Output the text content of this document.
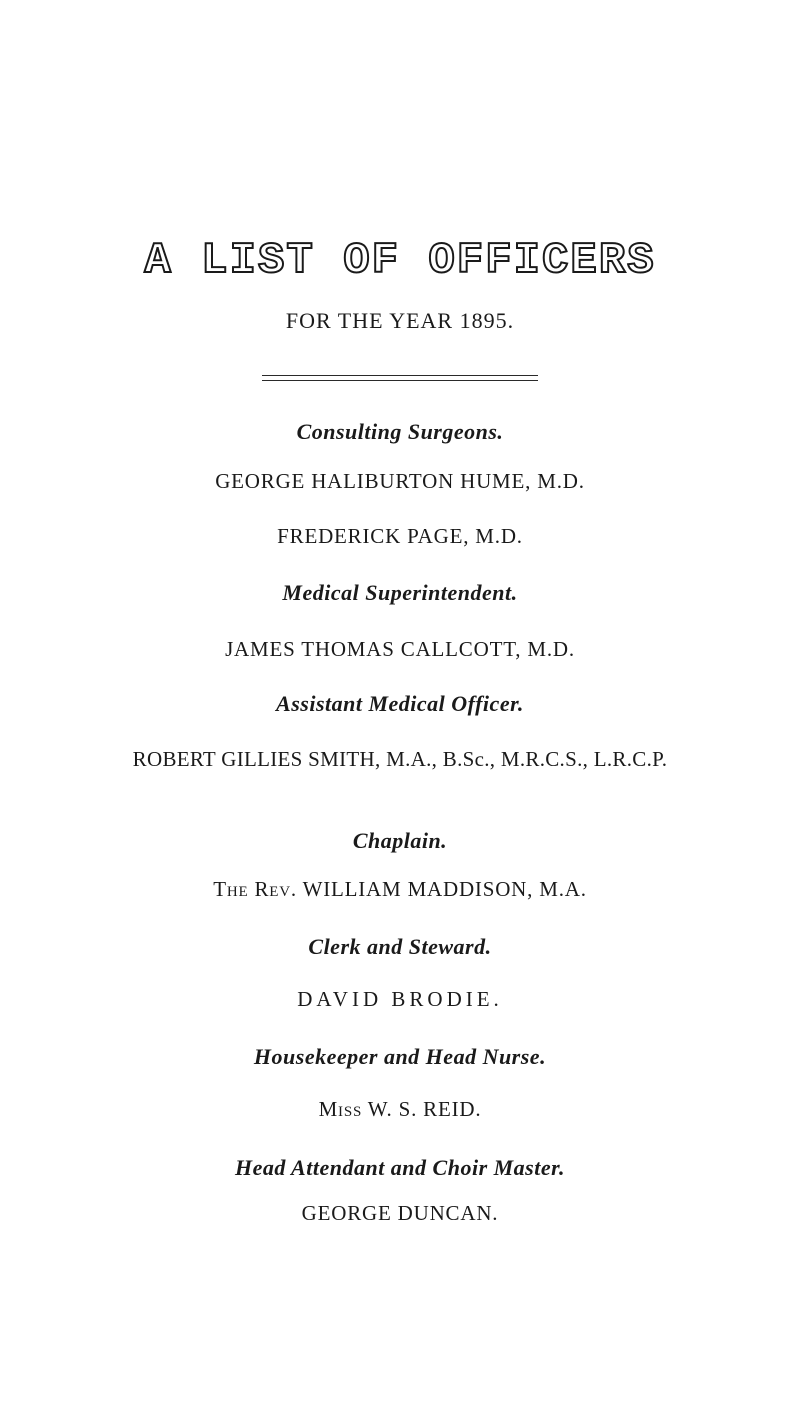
A LIST OF OFFICERS
FOR THE YEAR 1895.
Consulting Surgeons.
GEORGE HALIBURTON HUME, M.D.
FREDERICK PAGE, M.D.
Medical Superintendent.
JAMES THOMAS CALLCOTT, M.D.
Assistant Medical Officer.
ROBERT GILLIES SMITH, M.A., B.Sc., M.R.C.S., L.R.C.P.
Chaplain.
The Rev. WILLIAM MADDISON, M.A.
Clerk and Steward.
DAVID BRODIE.
Housekeeper and Head Nurse.
Miss W. S. REID.
Head Attendant and Choir Master.
GEORGE DUNCAN.
